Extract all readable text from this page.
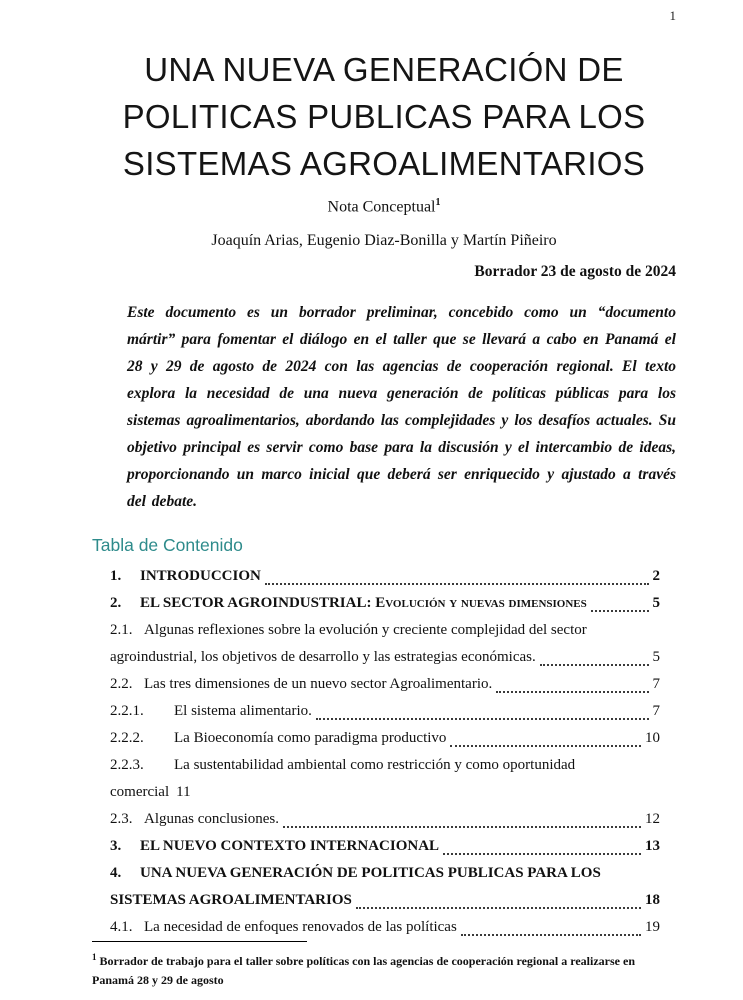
1
UNA NUEVA GENERACIÓN DE
POLITICAS PUBLICAS PARA LOS
SISTEMAS AGROALIMENTARIOS
Nota Conceptual$^1$
Joaquín Arias, Eugenio Diaz-Bonilla y Martín Piñeiro
Borrador 23 de agosto de 2024
Este documento es un borrador preliminar, concebido como un “documento mártir” para fomentar el diálogo en el taller que se llevará a cabo en Panamá el 28 y 29 de agosto de 2024 con las agencias de cooperación regional. El texto explora la necesidad de una nueva generación de políticas públicas para los sistemas agroalimentarios, abordando las complejidades y los desafíos actuales. Su objetivo principal es servir como base para la discusión y el intercambio de ideas, proporcionando un marco inicial que deberá ser enriquecido y ajustado a través del debate.
Tabla de Contenido
1.	INTRODUCCION	2
2.	EL SECTOR AGROINDUSTRIAL: Evolución y nuevas dimensiones	5
2.1. Algunas reflexiones sobre la evolución y creciente complejidad del sector
agroindustrial, los objetivos de desarrollo y las estrategias económicas.	5
2.2. Las tres dimensiones de un nuevo sector Agroalimentario.	7
2.2.1.	El sistema alimentario.	7
2.2.2.	La Bioeconomía como paradigma productivo	10
2.2.3. La sustentabilidad ambiental como restricción y como oportunidad
comercial 11
2.3. Algunas conclusiones.	12
3.	EL NUEVO CONTEXTO INTERNACIONAL	13
4. UNA NUEVA GENERACIÓN DE POLITICAS PUBLICAS PARA LOS
SISTEMAS AGROALIMENTARIOS	18
4.1. La necesidad de enfoques renovados de las políticas	19
$^1$ Borrador de trabajo para el taller sobre políticas con las agencias de cooperación regional a realizarse en Panamá 28 y 29 de agosto
